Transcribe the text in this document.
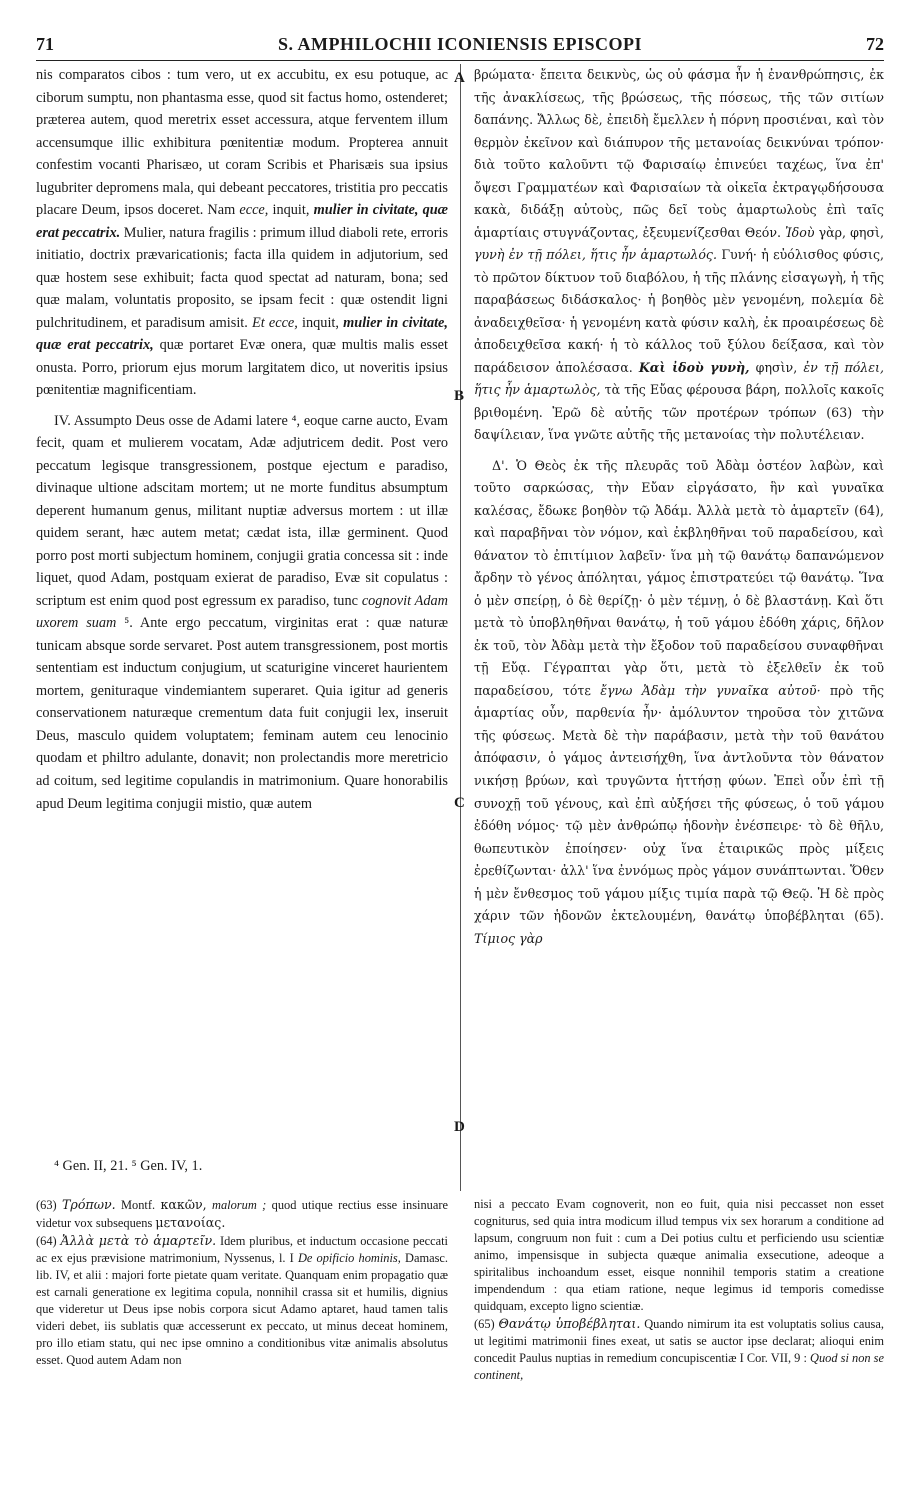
71	S. AMPHILOCHII ICONIENSIS EPISCOPI	72

nis comparatos cibos : tum vero, ut ex accubitu, ex esu potuque, ac ciborum sumptu, non phantasma esse, quod sit factus homo, ostenderet; præterea autem, quod meretrix esset accessura, atque ferventem illum accensumque illic exhibitura pœnitentiæ modum. Propterea annuit confestim vocanti Pharisæo, ut coram Scribis et Pharisæis sua ipsius lugubriter depromens mala, qui debeant peccatores, tristitia pro peccatis placare Deum, ipsos doceret. Nam ecce, inquit, mulier in civitate, quæ erat peccatrix. Mulier, natura fragilis : primum illud diaboli rete, erroris initiatio, doctrix prævaricationis; facta illa quidem in adjutorium, sed quæ hostem sese exhibuit; facta quod spectat ad naturam, bona; sed quæ malam, voluntatis proposito, se ipsam fecit : quæ ostendit ligni pulchritudinem, et paradisum amisit. Et ecce, inquit, mulier in civitate, quæ erat peccatrix, quæ portaret Evæ onera, quæ multis malis esset onusta. Porro, priorum ejus morum largitatem dico, ut noveritis ipsius pœnitentiæ magnificentiam.

IV. Assumpto Deus osse de Adami latere ⁴, eoque carne aucto, Evam fecit, quam et mulierem vocatam, Adæ adjutricem dedit. Post vero peccatum legisque transgressionem, postque ejectum e paradiso, divinaque ultione adscitam mortem; ut ne morte funditus absumptum deperent humanum genus, militant nuptiæ adversus mortem : ut illæ quidem serant, hæc autem metat; cædat ista, illæ germinent. Quod porro post morti subjectum hominem, conjugii gratia concessa sit : inde liquet, quod Adam, postquam exierat de paradiso, Evæ sit copulatus : scriptum est enim quod post egressum ex paradiso, tunc cognovit Adam uxorem suam ⁵. Ante ergo peccatum, virginitas erat : quæ naturæ tunicam absque sorde servaret. Post autem transgressionem, post mortis sententiam est inductum conjugium, ut scaturigine vinceret haurientem mortem, genituraque vindemiantem superaret. Quia igitur ad generis conservationem naturæque crementum data fuit conjugii lex, inseruit Deus, masculo quidem voluptatem; feminam autem ceu lenocinio quodam et philtro adulante, donavit; non prolectandis more meretricio ad coitum, sed legitime copulandis in matrimonium. Quare honorabilis apud Deum legitima conjugii mistio, quæ autem

βρώματα· ἔπειτα δεικνὺς, ὡς οὐ φάσμα ἦν ἡ ἐνανθρώπησις, ἐκ τῆς ἀνακλίσεως, τῆς βρώσεως, τῆς πόσεως, τῆς τῶν σιτίων δαπάνης. Ἄλλως δὲ, ἐπειδὴ ἔμελλεν ἡ πόρνη προσιέναι, καὶ τὸν θερμὸν ἐκεῖνον καὶ διάπυρον τῆς μετανοίας δεικνύναι τρόπον· διὰ τοῦτο καλοῦντι τῷ Φαρισαίῳ ἐπινεύει ταχέως, ἵνα ἐπ' ὄψεσι Γραμματέων καὶ Φαρισαίων τὰ οἰκεῖα ἐκτραγῳδήσουσα κακὰ, διδάξῃ αὐτοὺς, πῶς δεῖ τοὺς ἁμαρτωλοὺς ἐπὶ ταῖς ἁμαρτίαις στυγνάζοντας, ἐξευμενίζεσθαι Θεόν. Ἰδοὺ γὰρ, φησὶ, γυνὴ ἐν τῇ πόλει, ἥτις ἦν ἁμαρτωλός. Γυνή· ἡ εὐόλισθος φύσις, τὸ πρῶτον δίκτυον τοῦ διαβόλου, ἡ τῆς πλάνης εἰσαγωγὴ, ἡ τῆς παραβάσεως διδάσκαλος· ἡ βοηθὸς μὲν γενομένη, πολεμία δὲ ἀναδειχθεῖσα· ἡ γενομένη κατὰ φύσιν καλὴ, ἐκ προαιρέσεως δὲ ἀποδειχθεῖσα κακή· ἡ τὸ κάλλος τοῦ ξύλου δείξασα, καὶ τὸν παράδεισον ἀπολέσασα. Καὶ ἰδοὺ γυνὴ, φησὶν, ἐν τῇ πόλει, ἥτις ἦν ἁμαρτωλὸς, τὰ τῆς Εὔας φέρουσα βάρη, πολλοῖς κακοῖς βριθομένη. Ἐρῶ δὲ αὐτῆς τῶν προτέρων τρόπων (63) τὴν δαψίλειαν, ἵνα γνῶτε αὐτῆς τῆς μετανοίας τὴν πολυτέλειαν.

Δ'. Ὁ Θεὸς ἐκ τῆς πλευρᾶς τοῦ Ἀδὰμ ὀστέον λαβὼν, καὶ τοῦτο σαρκώσας, τὴν Εὔαν εἰργάσατο, ἣν καὶ γυναῖκα καλέσας, ἔδωκε βοηθὸν τῷ Ἀδάμ. Ἀλλὰ μετὰ τὸ ἁμαρτεῖν (64), καὶ παραβῆναι τὸν νόμον, καὶ ἐκβληθῆναι τοῦ παραδείσου, καὶ θάνατον τὸ ἐπιτίμιον λαβεῖν· ἵνα μὴ τῷ θανάτῳ δαπανώμενον ἄρδην τὸ γένος ἀπόληται, γάμος ἐπιστρατεύει τῷ θανάτῳ. Ἵνα ὁ μὲν σπείρῃ, ὁ δὲ θερίζῃ· ὁ μὲν τέμνῃ, ὁ δὲ βλαστάνῃ. Καὶ ὅτι μετὰ τὸ ὑποβληθῆναι θανάτῳ, ἡ τοῦ γάμου ἐδόθη χάρις, δῆλον ἐκ τοῦ, τὸν Ἀδὰμ μετὰ τὴν ἔξοδον τοῦ παραδείσου συναφθῆναι τῇ Εὔᾳ. Γέγραπται γὰρ ὅτι, μετὰ τὸ ἐξελθεῖν ἐκ τοῦ παραδείσου, τότε ἔγνω Ἀδὰμ τὴν γυναῖκα αὐτοῦ· πρὸ τῆς ἁμαρτίας οὖν, παρθενία ἦν· ἀμόλυντον τηροῦσα τὸν χιτῶνα τῆς φύσεως. Μετὰ δὲ τὴν παράβασιν, μετὰ τὴν τοῦ θανάτου ἀπόφασιν, ὁ γάμος ἀντεισήχθη, ἵνα ἀντλοῦντα τὸν θάνατον νικήσῃ βρύων, καὶ τρυγῶντα ἡττήσῃ φύων. Ἐπεὶ οὖν ἐπὶ τῇ συνοχῇ τοῦ γένους, καὶ ἐπὶ αὐξήσει τῆς φύσεως, ὁ τοῦ γάμου ἐδόθη νόμος· τῷ μὲν ἀνθρώπῳ ἡδονὴν ἐνέσπειρε· τὸ δὲ θῆλυ, θωπευτικὸν ἐποίησεν· οὐχ ἵνα ἑταιρικῶς πρὸς μίξεις ἐρεθίζωνται· ἀλλ' ἵνα ἐννόμως πρὸς γάμον συνάπτωνται. Ὅθεν ἡ μὲν ἔνθεσμος τοῦ γάμου μίξις τιμία παρὰ τῷ Θεῷ. Ἡ δὲ πρὸς χάριν τῶν ἡδονῶν ἐκτελουμένη, θανάτῳ ὑποβέβληται (65). Τίμιος γὰρ

A
B
C
D
⁴ Gen. II, 21. ⁵ Gen. IV, 1.

(63) Τρόπων. Montf. κακῶν, malorum ; quod utique rectius esse insinuare videtur vox subsequens μετανοίας.

(64) Ἀλλὰ μετὰ τὸ ἁμαρτεῖν. Idem pluribus, et inductum occasione peccati ac ex ejus prævisione matrimonium, Nyssenus, l. I De opificio hominis, Damasc. lib. IV, et alii : majori forte pietate quam veritate. Quanquam enim propagatio quæ est carnali generatione ex legitima copula, nonnihil crassa sit et humilis, dignius que videretur ut Deus ipse nobis corpora sicut Adamo aptaret, haud tamen talis videri debet, iis sublatis quæ accesserunt ex peccato, ut minus deceat hominem, pro illo etiam statu, qui nec ipse omnino a conditionibus vitæ animalis absolutus esset. Quod autem Adam non

nisi a peccato Evam cognoverit, non eo fuit, quia nisi peccasset non esset cogniturus, sed quia intra modicum illud tempus vix sex horarum a conditione ad lapsum, congruum non fuit : cum a Dei potius cultu et perficiendo usu scientiæ animo, impensisque in subjecta quæque animalia exsecutione, adeoque a spiritalibus inchoandum esset, eisque nonnihil temporis statim a creatione impendendum : qua etiam ratione, neque legimus id temporis comedisse quidquam, excepto ligno scientiæ.

(65) Θανάτῳ ὑποβέβληται. Quando nimirum ita est voluptatis solius causa, ut legitimi matrimonii fines exeat, ut satis se auctor ipse declarat; alioqui enim concedit Paulus nuptias in remedium concupiscentiæ I Cor. VII, 9 : Quod si non se continent,
